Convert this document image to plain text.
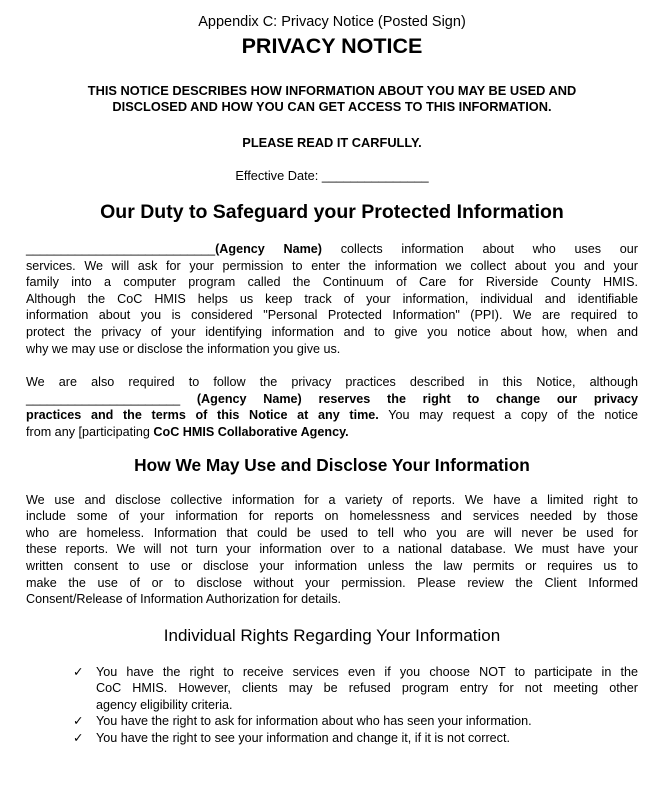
Appendix C: Privacy Notice (Posted Sign)
PRIVACY NOTICE
THIS NOTICE DESCRIBES HOW INFORMATION ABOUT YOU MAY BE USED AND
DISCLOSED AND HOW YOU CAN GET ACCESS TO THIS INFORMATION.
PLEASE READ IT CARFULLY.
Effective Date: _______________
Our Duty to Safeguard your Protected Information
___________________________(Agency Name) collects information about who uses our
services. We will ask for your permission to enter the information we collect about you and your
family into a computer program called the Continuum of Care for Riverside County HMIS.
Although the CoC HMIS helps us keep track of your information, individual and identifiable
information about you is considered "Personal Protected Information" (PPI). We are required to
protect the privacy of your identifying information and to give you notice about how, when and
why we may use or disclose the information you give us.
We are also required to follow the privacy practices described in this Notice, although
______________________ (Agency Name) reserves the right to change our privacy
practices and the terms of this Notice at any time. You may request a copy of the notice
from any [participating CoC HMIS Collaborative Agency.
How We May Use and Disclose Your Information
We use and disclose collective information for a variety of reports. We have a limited right to
include some of your information for reports on homelessness and services needed by those
who are homeless. Information that could be used to tell who you are will never be used for
these reports. We will not turn your information over to a national database. We must have your
written consent to use or disclose your information unless the law permits or requires us to
make the use of or to disclose without your permission. Please review the Client Informed
Consent/Release of Information Authorization for details.
Individual Rights Regarding Your Information
✓ You have the right to receive services even if you choose NOT to participate in the
CoC HMIS. However, clients may be refused program entry for not meeting other
agency eligibility criteria.
✓ You have the right to ask for information about who has seen your information.
✓ You have the right to see your information and change it, if it is not correct.
